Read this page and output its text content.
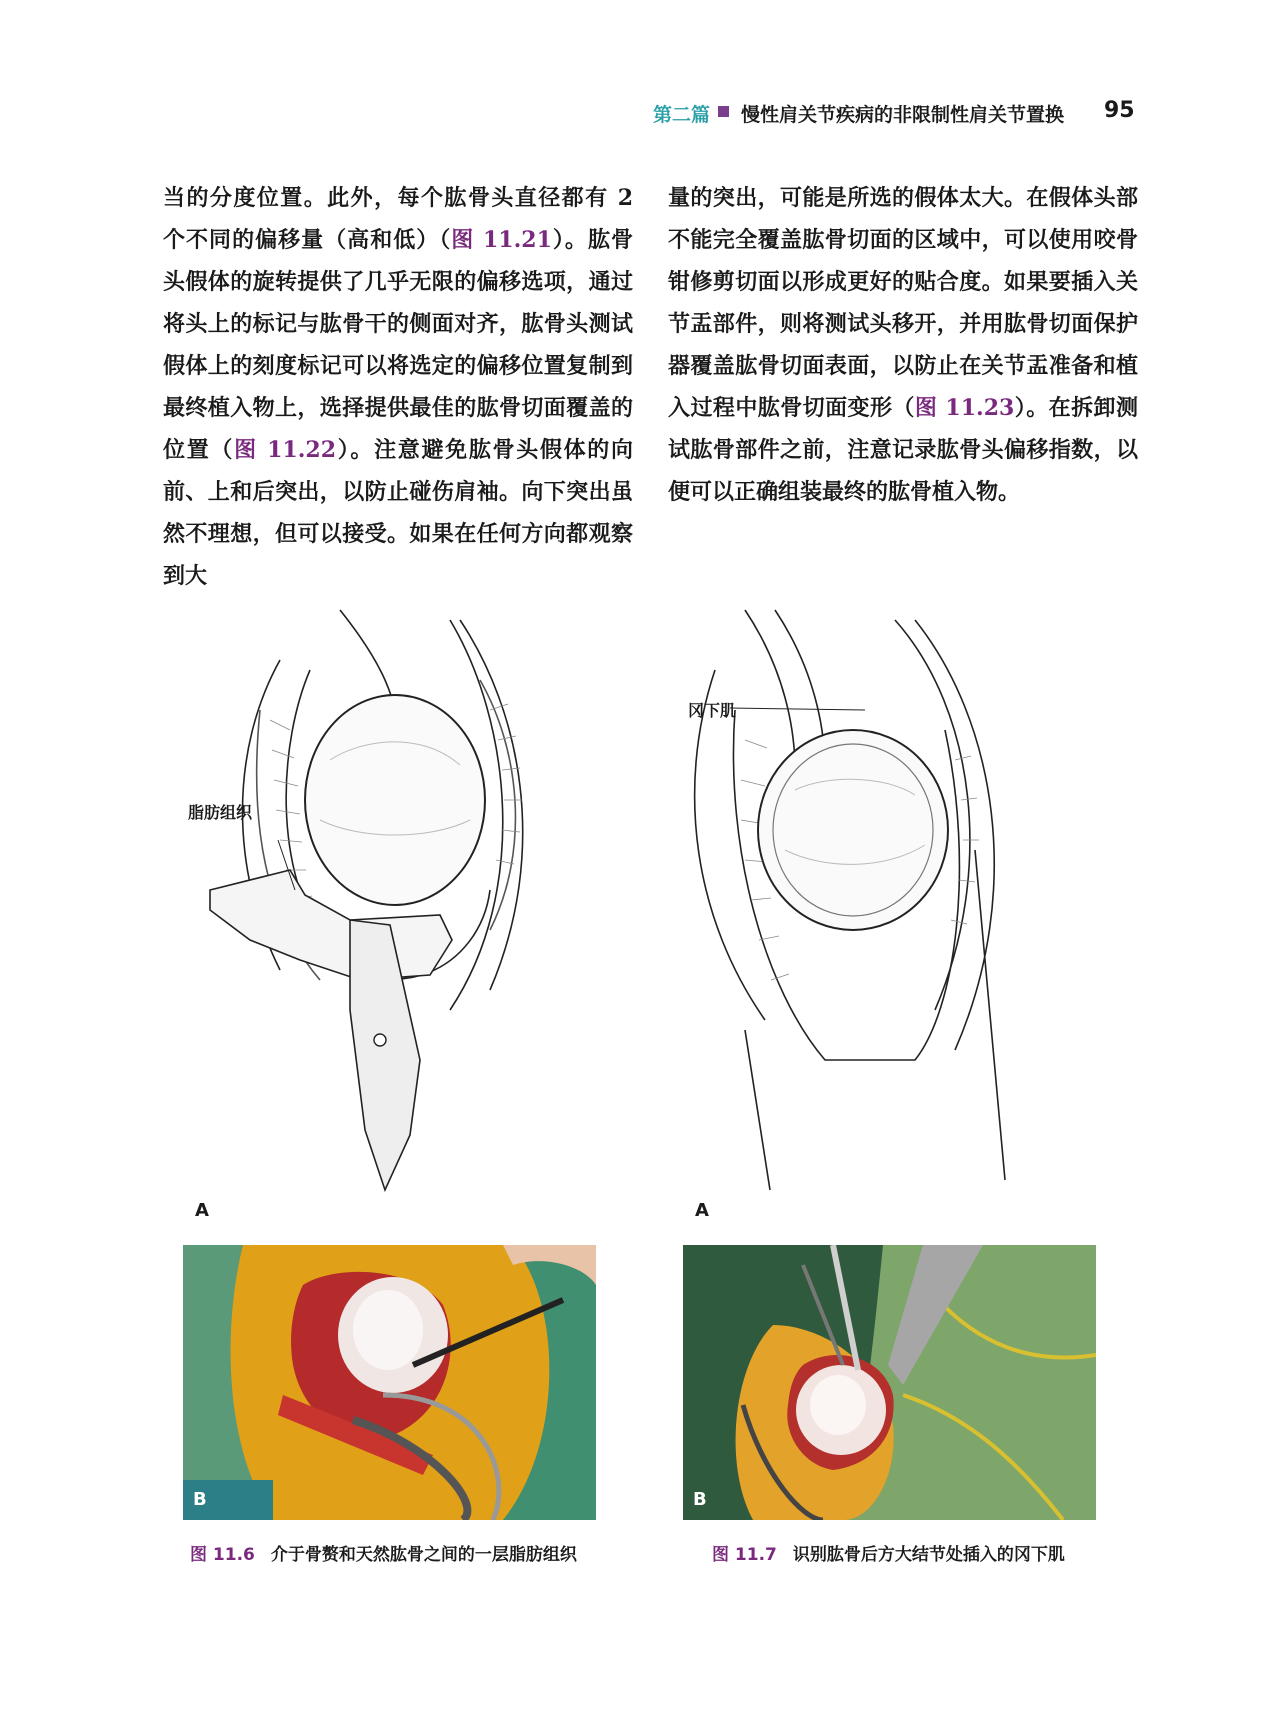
第二篇 慢性肩关节疾病的非限制性肩关节置换 95

当的分度位置。此外，每个肱骨头直径都有 2 个不同的偏移量（高和低）（图 11.21）。肱骨头假体的旋转提供了几乎无限的偏移选项，通过将头上的标记与肱骨干的侧面对齐，肱骨头测试假体上的刻度标记可以将选定的偏移位置复制到最终植入物上，选择提供最佳的肱骨切面覆盖的位置（图 11.22）。注意避免肱骨头假体的向前、上和后突出，以防止碰伤肩袖。向下突出虽然不理想，但可以接受。如果在任何方向都观察到大

量的突出，可能是所选的假体太大。在假体头部不能完全覆盖肱骨切面的区域中，可以使用咬骨钳修剪切面以形成更好的贴合度。如果要插入关节盂部件，则将测试头移开，并用肱骨切面保护器覆盖肱骨切面表面，以防止在关节盂准备和植入过程中肱骨切面变形（图 11.23）。在拆卸测试肱骨部件之前，注意记录肱骨头偏移指数，以便可以正确组装最终的肱骨植入物。

脂肪组织
A
冈下肌
A
B	B
图 11.6 介于骨赘和天然肱骨之间的一层脂肪组织	图 11.7 识别肱骨后方大结节处插入的冈下肌
